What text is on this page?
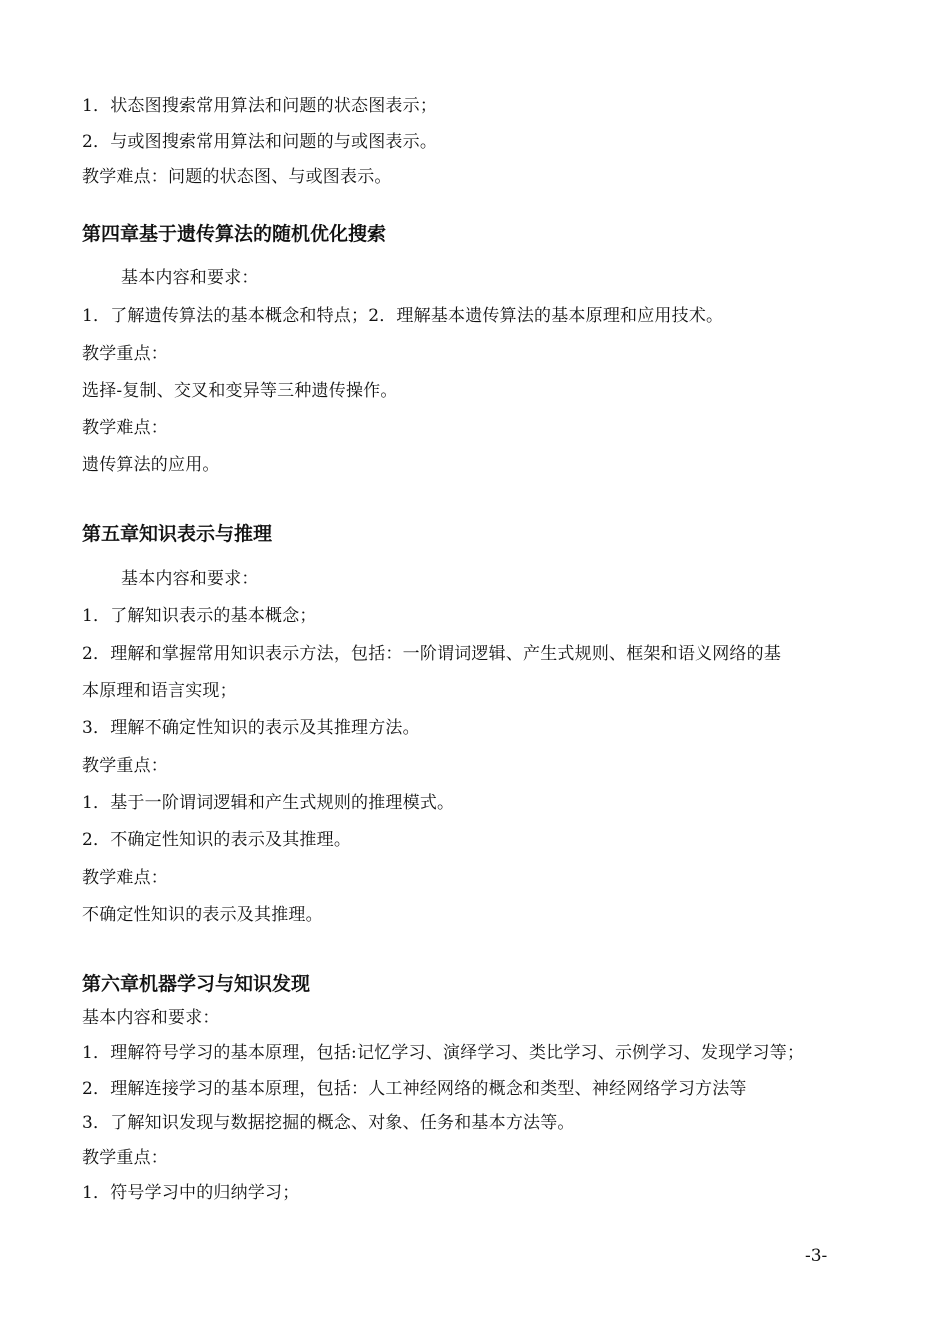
1．状态图搜索常用算法和问题的状态图表示；
2．与或图搜索常用算法和问题的与或图表示。
教学难点：问题的状态图、与或图表示。
第四章基于遗传算法的随机优化搜索
基本内容和要求：
1．了解遗传算法的基本概念和特点；2．理解基本遗传算法的基本原理和应用技术。
教学重点：
选择-复制、交叉和变异等三种遗传操作。
教学难点：
遗传算法的应用。
第五章知识表示与推理
基本内容和要求：
1．了解知识表示的基本概念；
2．理解和掌握常用知识表示方法，包括：一阶谓词逻辑、产生式规则、框架和语义网络的基
本原理和语言实现；
3．理解不确定性知识的表示及其推理方法。
教学重点：
1．基于一阶谓词逻辑和产生式规则的推理模式。
2．不确定性知识的表示及其推理。
教学难点：
不确定性知识的表示及其推理。
第六章机器学习与知识发现
基本内容和要求：
1．理解符号学习的基本原理，包括:记忆学习、演绎学习、类比学习、示例学习、发现学习等；
2．理解连接学习的基本原理，包括：人工神经网络的概念和类型、神经网络学习方法等
3．了解知识发现与数据挖掘的概念、对象、任务和基本方法等。
教学重点：
1．符号学习中的归纳学习；
-3-
